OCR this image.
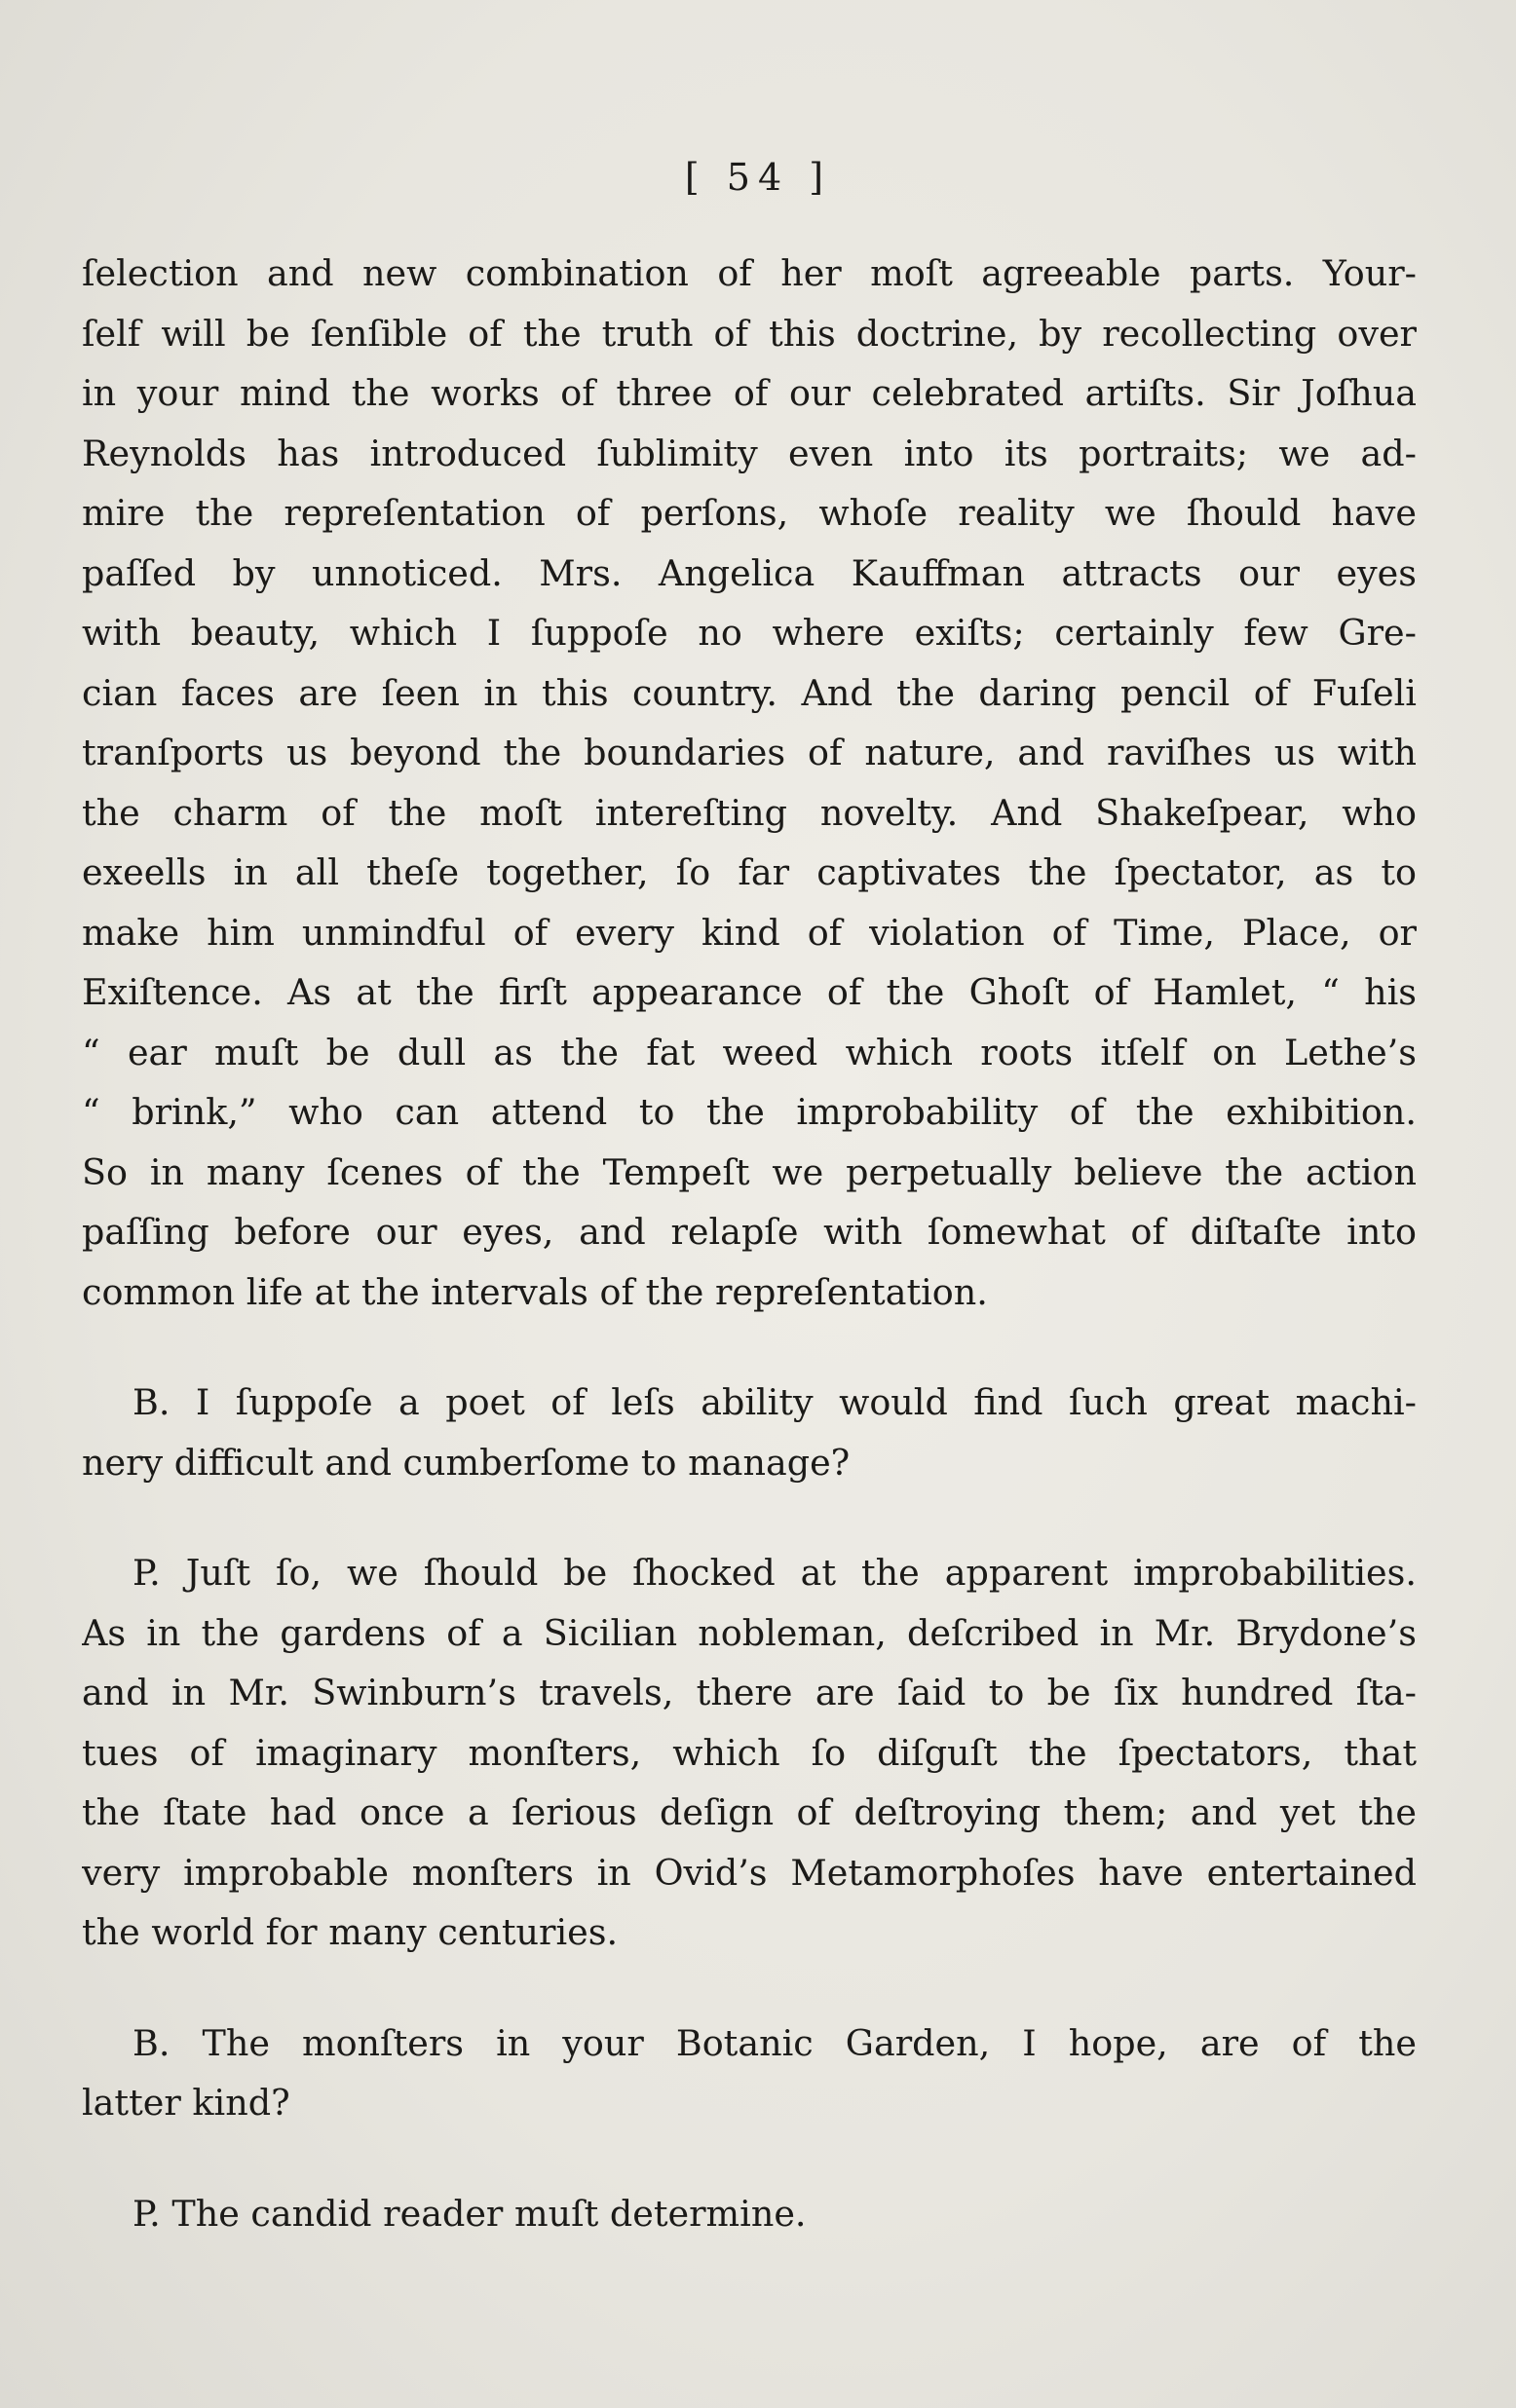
[ 54 ]
ſelection and new combination of her moſt agreeable parts. Your-
ſelf will be ſenſible of the truth of this doctrine, by recollecting over
in your mind the works of three of our celebrated artiſts. Sir Joſhua
Reynolds has introduced ſublimity even into its portraits; we ad-
mire the repreſentation of perſons, whoſe reality we ſhould have
paſſed by unnoticed. Mrs. Angelica Kauffman attracts our eyes
with beauty, which I ſuppoſe no where exiſts; certainly few Gre-
cian faces are ſeen in this country. And the daring pencil of Fuſeli
tranſports us beyond the boundaries of nature, and raviſhes us with
the charm of the moſt intereſting novelty. And Shakeſpear, who
exeells in all theſe together, ſo far captivates the ſpectator, as to
make him unmindful of every kind of violation of Time, Place, or
Exiſtence. As at the firſt appearance of the Ghoſt of Hamlet, “ his
“ ear muſt be dull as the fat weed which roots itſelf on Lethe’s
“ brink,” who can attend to the improbability of the exhibition.
So in many ſcenes of the Tempeſt we perpetually believe the action
paſſing before our eyes, and relapſe with ſomewhat of diſtaſte into
common life at the intervals of the repreſentation.
B. I ſuppoſe a poet of leſs ability would find ſuch great machi-
nery difficult and cumberſome to manage?
P. Juſt ſo, we ſhould be ſhocked at the apparent improbabilities.
As in the gardens of a Sicilian nobleman, deſcribed in Mr. Brydone’s
and in Mr. Swinburn’s travels, there are ſaid to be ſix hundred ſta-
tues of imaginary monſters, which ſo diſguſt the ſpectators, that
the ſtate had once a ſerious deſign of deſtroying them; and yet the
very improbable monſters in Ovid’s Metamorphoſes have entertained
the world for many centuries.
B. The monſters in your Botanic Garden, I hope, are of the
latter kind?
P. The candid reader muſt determine.
